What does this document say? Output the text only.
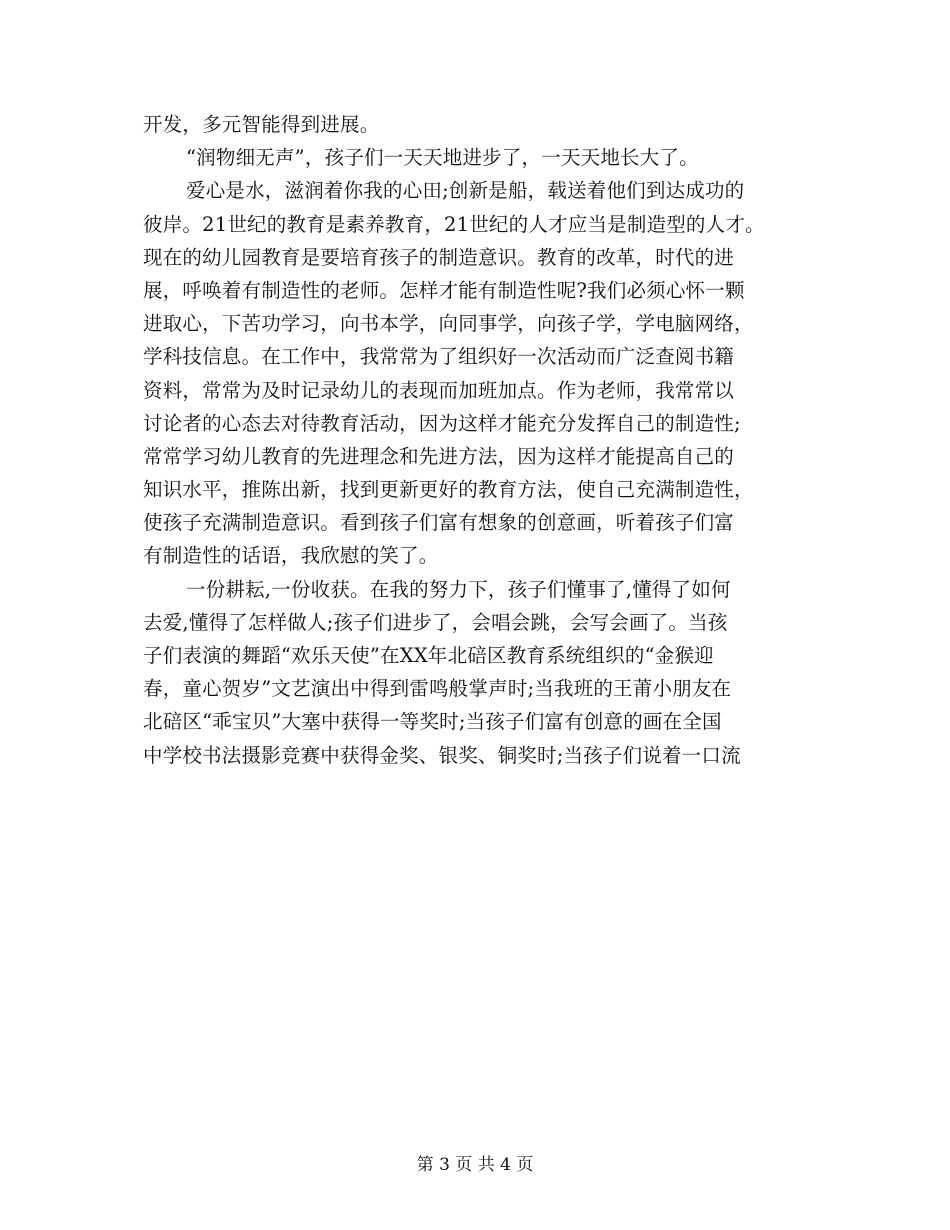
开发，多元智能得到进展。
“润物细无声”，孩子们一天天地进步了，一天天地长大了。
爱心是水，滋润着你我的心田;创新是船，载送着他们到达成功的
彼岸。21世纪的教育是素养教育，21世纪的人才应当是制造型的人才。
现在的幼儿园教育是要培育孩子的制造意识。教育的改革，时代的进
展，呼唤着有制造性的老师。怎样才能有制造性呢?我们必须心怀一颗
进取心，下苦功学习，向书本学，向同事学，向孩子学，学电脑网络，
学科技信息。在工作中，我常常为了组织好一次活动而广泛查阅书籍
资料，常常为及时记录幼儿的表现而加班加点。作为老师，我常常以
讨论者的心态去对待教育活动，因为这样才能充分发挥自己的制造性;
常常学习幼儿教育的先进理念和先进方法，因为这样才能提高自己的
知识水平，推陈出新，找到更新更好的教育方法，使自己充满制造性，
使孩子充满制造意识。看到孩子们富有想象的创意画，听着孩子们富
有制造性的话语，我欣慰的笑了。
一份耕耘,一份收获。在我的努力下，孩子们懂事了,懂得了如何
去爱,懂得了怎样做人;孩子们进步了，会唱会跳，会写会画了。当孩
子们表演的舞蹈“欢乐天使”在XX年北碚区教育系统组织的“金猴迎
春，童心贺岁”文艺演出中得到雷鸣般掌声时;当我班的王莆小朋友在
北碚区“乖宝贝”大塞中获得一等奖时;当孩子们富有创意的画在全国
中学校书法摄影竞赛中获得金奖、银奖、铜奖时;当孩子们说着一口流
第 3 页 共 4 页
